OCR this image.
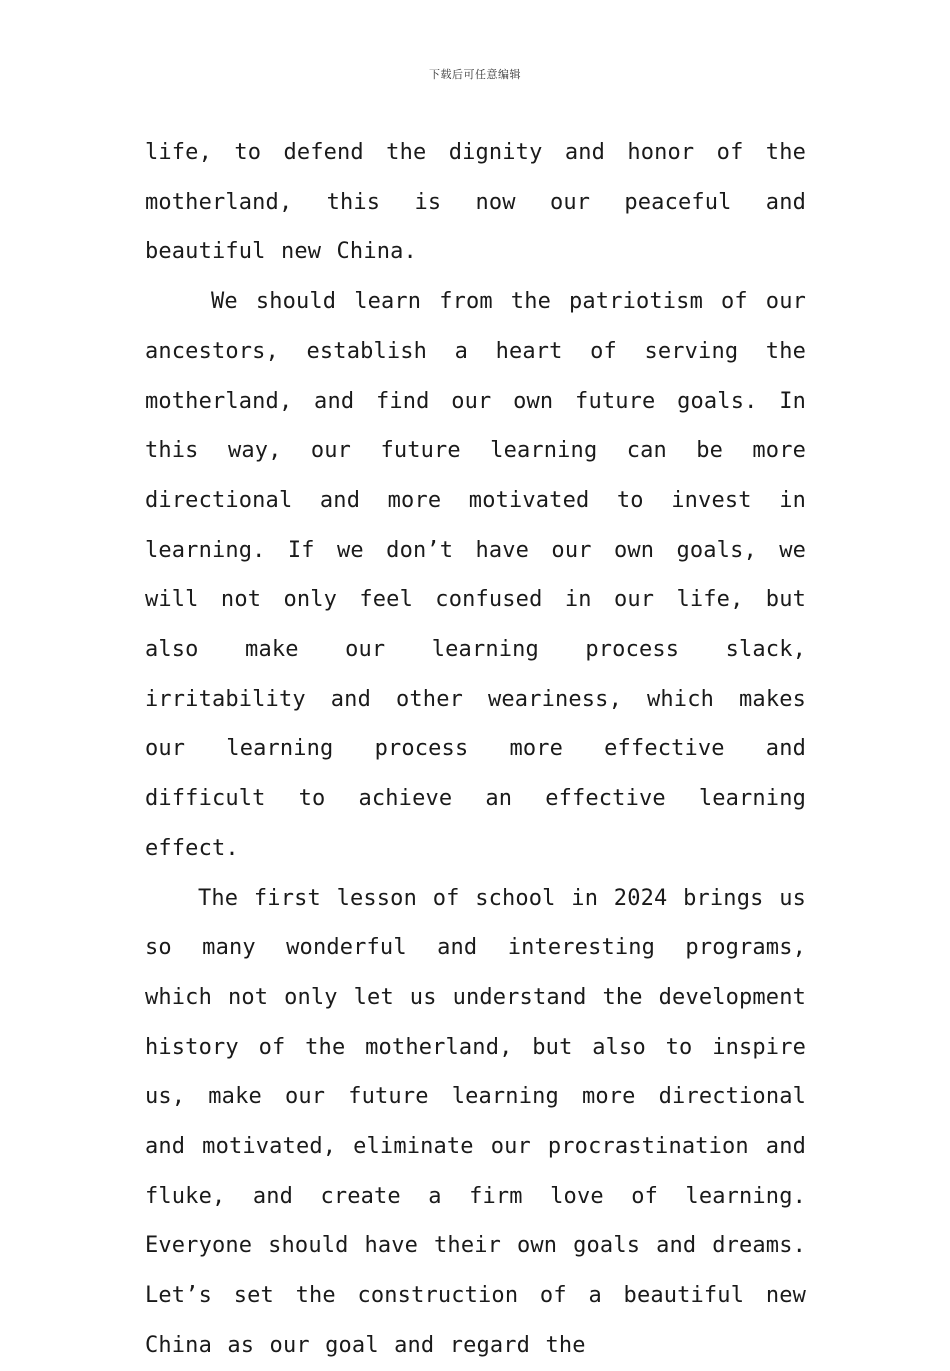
下载后可任意编辑

life, to defend the dignity and honor of the motherland, this is now our peaceful and beautiful new China.

We should learn from the patriotism of our ancestors, establish a heart of serving the motherland, and find our own future goals. In this way, our future learning can be more directional and more motivated to invest in learning. If we don’t have our own goals, we will not only feel confused in our life, but also make our learning process slack, irritability and other weariness, which makes our learning process more effective and difficult to achieve an effective learning effect.

The first lesson of school in 2024 brings us so many wonderful and interesting programs, which not only let us understand the development history of the motherland, but also to inspire us, make our future learning more directional and motivated, eliminate our procrastination and fluke, and create a firm love of learning. Everyone should have their own goals and dreams. Let’s set the construction of a beautiful new China as our goal and regard the
